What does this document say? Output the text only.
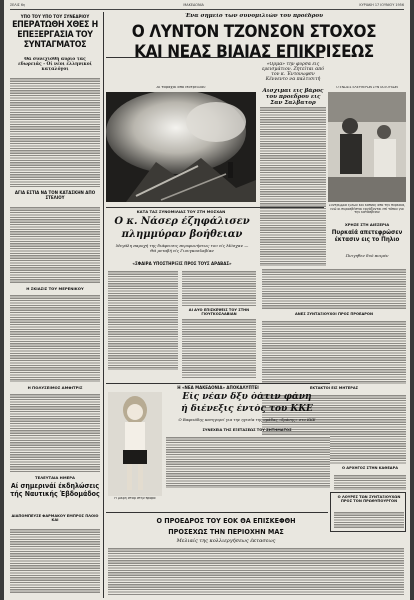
ΣΕΛΙΣ 6η	ΜΑΚΕΔΟΝΙΑ	ΚΥΡΙΑΚΗ 17 ΙΟΥΝΙΟΥ 1956
ΥΠΟ ΤΟΥ ΥΠΟ ΤΟΥ ΣΥΝΕΔΡΙΟΥ
ΕΠΕΡΑΤΩΘΗ ΧΘΕΣ Η ΕΠΕΞΕΡΓΑΣΙΑ ΤΟΥ ΣΥΝΤΑΓΜΑΤΟΣ
Θά συνεχισθή αύριο τάς εδωρειάς - Οί νέοι έλληνικοί καταλόγοι
ΑΓΙΑ ΕΣΤΙΑ ΝΑ ΤΟΝ ΚΑΤΑΣΚΗΝ ΑΠΟ ΣΤΕΛΙΟΥ
Η ΣΚΙΑΣΙΣ ΤΟΥ ΜΕΡΕΝΙΚΟΥ
Η ΠΟΛΥΣΕΙΜΟΣ ΑΜΦΙΤΡΙΣ
ΤΕΛΕΥΤΑΙΑ ΗΜΕΡΑ
Αί σημερινάί έκδηλώσεις τής Ναυτικής Έβδομάδος
ΔΙΑΠΟΜΠΕΥΣΕ ΦΑΡΜΑΚΟΥ ΕΜΠΡΟΣ ΠΛΟΙΟ ΚΑΙ
Ένα σημείο των συνομιλιών του προέδρου
Ο ΛΥΝΤΟΝ ΤΖΟΝΣΟΝ ΣΤΟΧΟΣ
ΚΑΙ ΝΕΑΣ ΒΙΑΙΑΣ ΕΠΙΚΡΙΣΕΩΣ
Αι ταραχαί από Μοτρελλού
«Όρμα» την φύρσα είς ερεισμάτιον. Ζητείται από τον κ. Έντονωφσν Κέννεντο να παλτισιτή
Αισχιμαι εις βάρος του προεδρου εις Σαν Σαλβατορ
Ο ΕΝΩΣΙΣ ΕΛΕΥΘΕΡΩΝ ΣΥΝΤΑΞΙΟΥΧΩΝ
Συντρίμμια ξύλων και καπνός από την πυρκαϊά, ενώ οι πυροσβέσται εργάζονται επί τόπου για την κατάσβεσιν
ΚΑΤΑ ΤΑΣ ΣΥΝΟΜΙΛΙΑΣ ΤΟΥ ΣΤΗ ΜΟΣΧΑΝ
Ο κ. Νάσερ έζηφάλισεν
πλημμύραν βοήθειαν
Μεγάλη παροχή της διάφευσις περιφωνήσεως του είς Μόσχαν — Θά μεταβή είς Γιουγκοσλαβίαν
«ΣΦΑΙΡΑ ΥΠΟΣΤΗΡΙΞΙΣ ΠΡΟΣ ΤΟΥΣ ΑΡΑΒΑΣ»
ΑΙ ΔΥΟ ΕΠΙΣΚΕΨΕΙΣ ΤΟΥ ΣΤΗΝ ΓΙΟΥΓΚΟΣΛΑΒΙΑΝ
ΧΡΗΣΕ ΣΤΗ ΔΙΕΣΕΡΙΑ
Πυρκαϊά απετεφρώσεν έκτασιν εις το Πηλιο
Πνιγηθεν δυό ποιμέν
ΑΝΕΣ ΣΥΝΤΑΞΙΟΥΧΟΙ ΠΡΟΣ ΠΡΟΕΔΡΟΝ
ΕΚΤΑΚΤΟΙ ΕΙΣ ΜΗΤΕΡΑΣ
Ο ΑΡΧΗΓΟΣ ΣΤΗΝ ΚΑΘΕΔΡΑ
Η «ΝΕΑ ΜΑΚΕΔΟΝΙΑ» ΑΠΟΚΑΛΥΠΤΕΙ
Είς νέαν δξυ όάτιν φάνη
ή διένεξις έντός του ΚΚΕ
Ο Βαφειάδης κατηγορεί για την ηγεσία της ομάδας «δράσης» στο ΚΚΕ
ΣΥΝΕΧΕΙΑ ΤΗΣ ΕΞΕΤΑΣΕΩΣ ΤΟΥ ΖΗΤΗΜΑΤΟΣ
Η μικρή σταρ στην πρόβα	Ο ΛΟΥΡΕΣ ΤΩΝ ΣΥΝΤΑΞΙΟΥΧΩΝ ΠΡΟΣ ΤΟΝ ΠΡΩΘΥΠΟΥΡΓΟΝ
Ο ΠΡΟΕΔΡΟΣ ΤΟΥ ΕΟΚ ΘΑ ΕΠΙΣΚΕΦΘΗ
ΠΡΟΣΕΧΩΣ ΤΗΝ ΠΕΡΙΟΧΗΝ ΜΑΣ
Μελιαίς της κολλιεργήσεως έκτασεως
